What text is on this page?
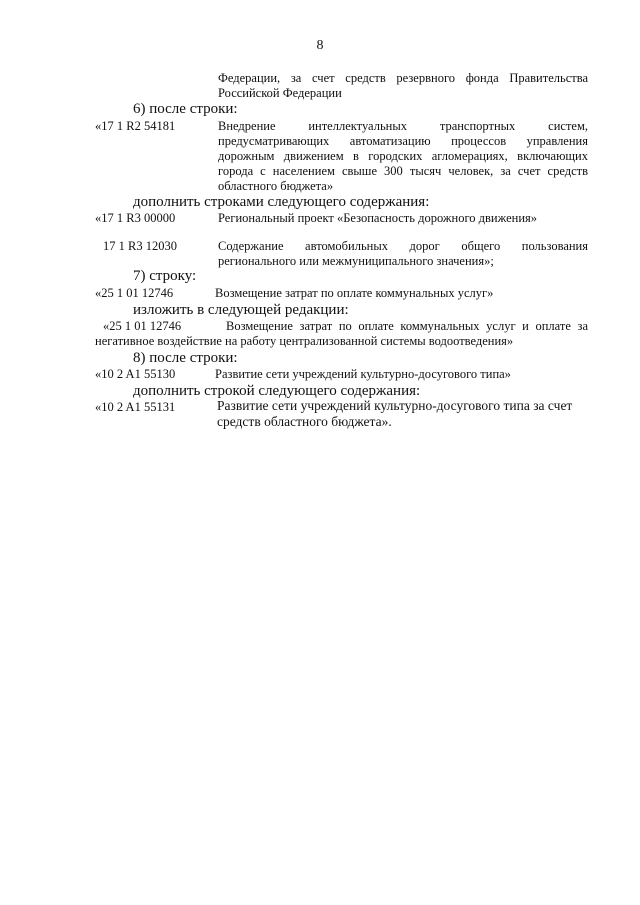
8
Федерации, за счет средств резервного фонда Правительства
Российской Федерации
6) после строки:
«17 1 R2 54181	Внедрение интеллектуальных транспортных систем,
предусматривающих автоматизацию процессов управления
дорожным движением в городских агломерациях, включающих
города с населением свыше 300 тысяч человек, за счет средств
областного бюджета»
дополнить строками следующего содержания:
«17 1 R3 00000	Региональный проект «Безопасность дорожного движения»
17 1 R3 12030	Содержание автомобильных дорог общего пользования
регионального или межмуниципального значения»;
7) строку:
«25 1 01 12746	Возмещение затрат по оплате коммунальных услуг»
изложить в следующей редакции:
«25 1 01 12746	Возмещение затрат по оплате коммунальных услуг и оплате за
негативное воздействие на работу централизованной системы водоотведения»
8) после строки:
«10 2 A1 55130	Развитие сети учреждений культурно-досугового типа»
дополнить строкой следующего содержания:
«10 2 A1 55131	Развитие сети учреждений культурно-досугового типа за счет
средств областного бюджета».
